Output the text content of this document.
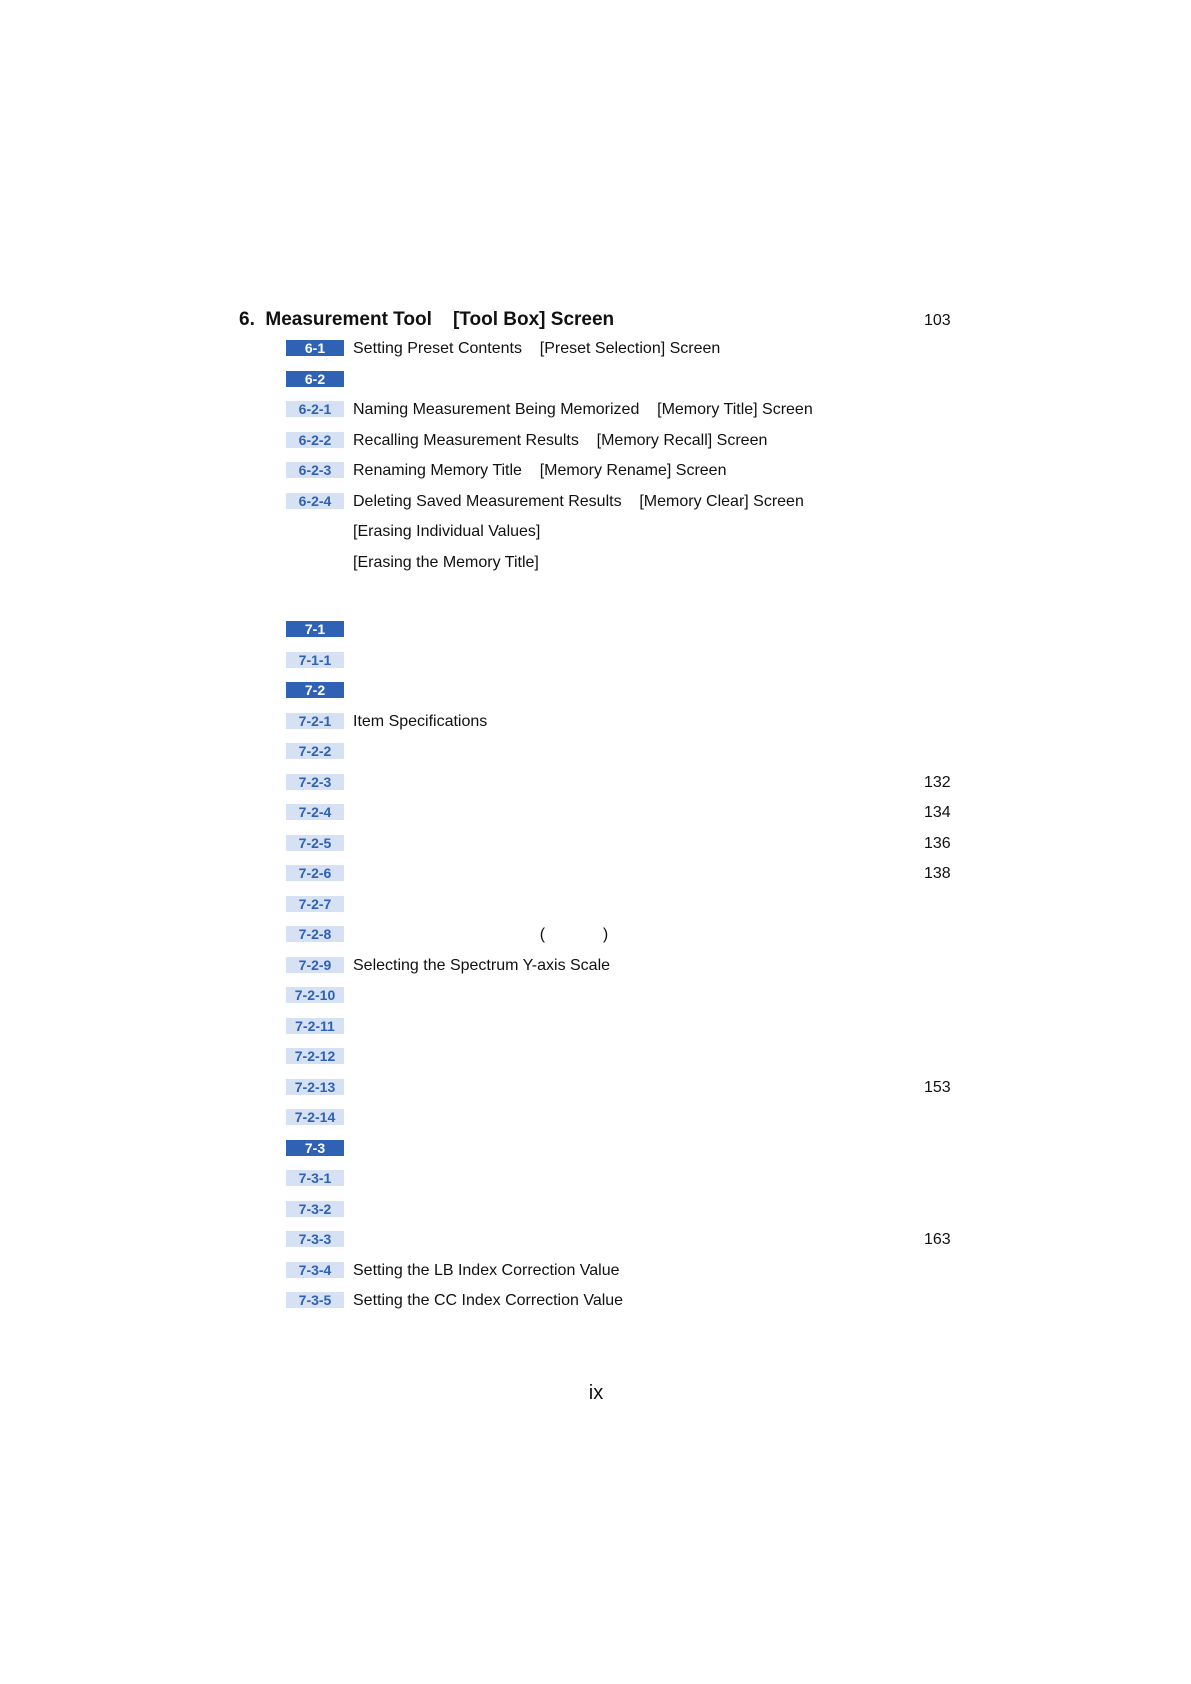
6.  Measurement Tool    [Tool Box] Screen	103
6-1	Setting Preset Contents    [Preset Selection] Screen
6-2
6-2-1	Naming Measurement Being Memorized    [Memory Title] Screen
6-2-2	Recalling Measurement Results    [Memory Recall] Screen
6-2-3	Renaming Memory Title    [Memory Rename] Screen
6-2-4	Deleting Saved Measurement Results    [Memory Clear] Screen
[Erasing Individual Values]
[Erasing the Memory Title]
7-1
7-1-1
7-2
7-2-1	Item Specifications
7-2-2
7-2-3	132
7-2-4	134
7-2-5	136
7-2-6	138
7-2-7
7-2-8	(             )
7-2-9	Selecting the Spectrum Y-axis Scale
7-2-10
7-2-11
7-2-12
7-2-13	153
7-2-14
7-3
7-3-1
7-3-2
7-3-3	163
7-3-4	Setting the LB Index Correction Value
7-3-5	Setting the CC Index Correction Value
ix
